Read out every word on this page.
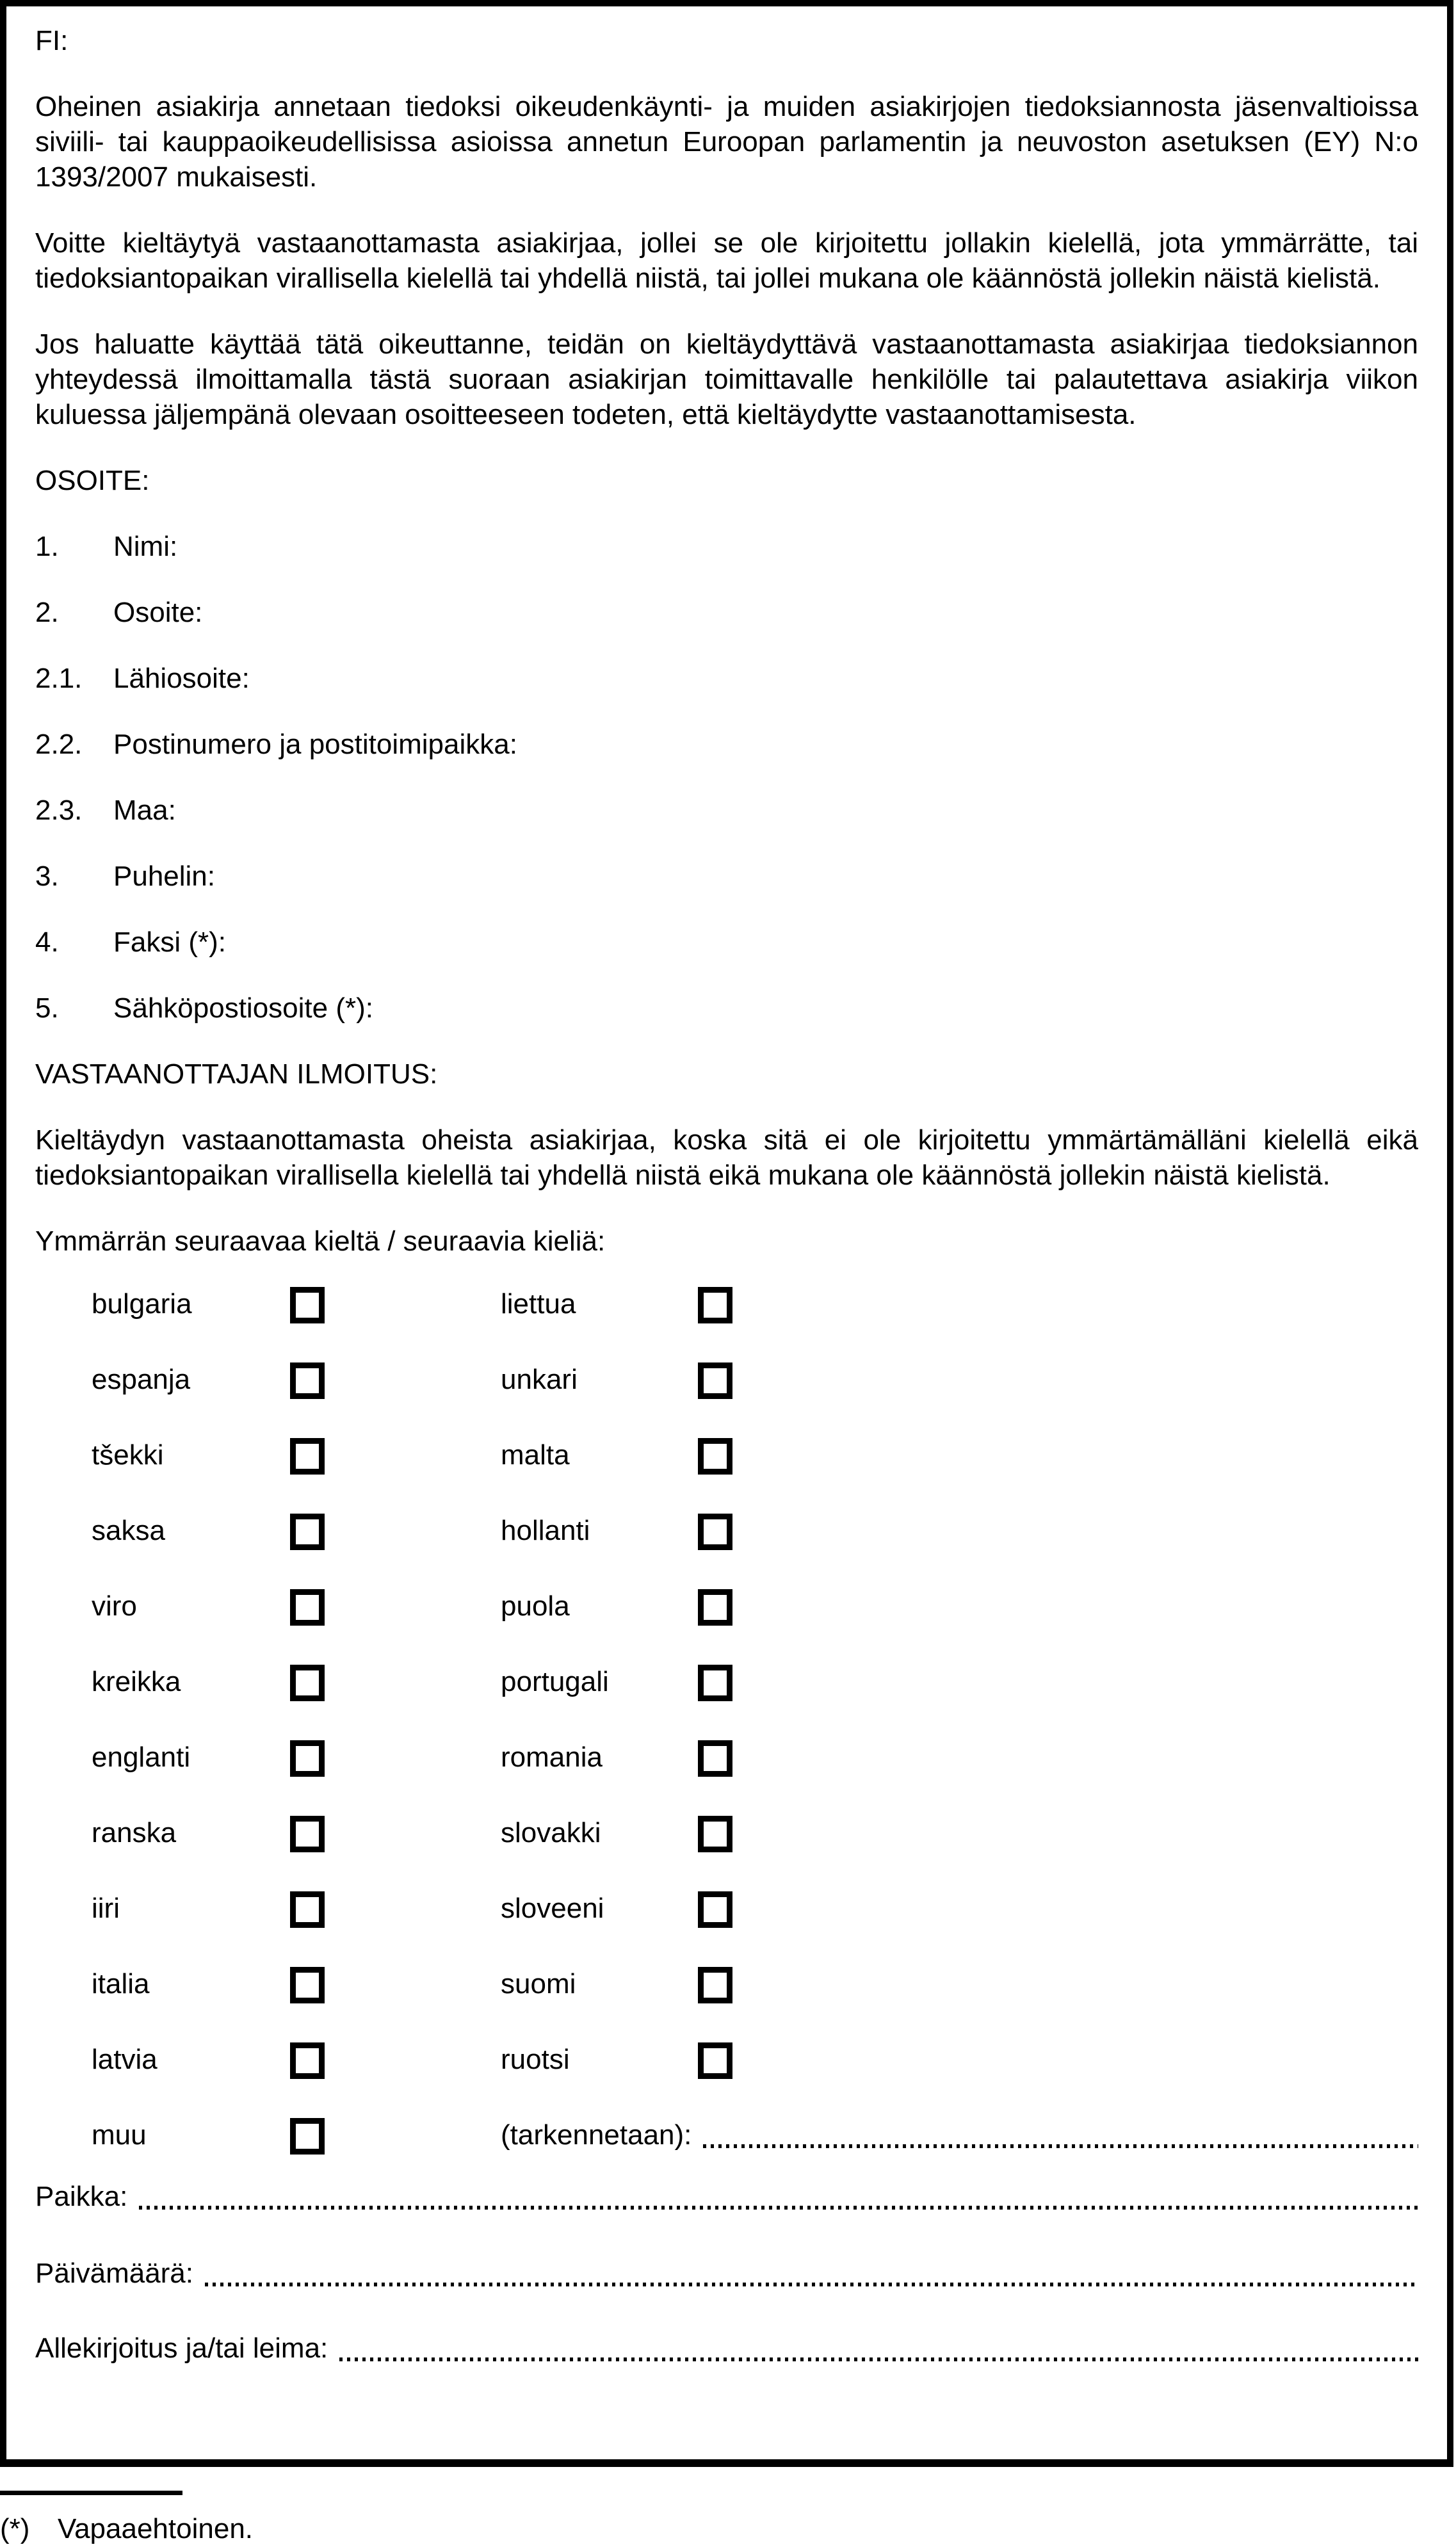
FI:
Oheinen asiakirja annetaan tiedoksi oikeudenkäynti- ja muiden asiakirjojen tiedoksiannosta jäsenvaltioissa siviili- tai kauppaoikeudellisissa asioissa annetun Euroopan parlamentin ja neuvoston asetuksen (EY) N:o 1393/2007 mukaisesti.
Voitte kieltäytyä vastaanottamasta asiakirjaa, jollei se ole kirjoitettu jollakin kielellä, jota ymmärrätte, tai tiedoksiantopaikan virallisella kielellä tai yhdellä niistä, tai jollei mukana ole käännöstä jollekin näistä kielistä.
Jos haluatte käyttää tätä oikeuttanne, teidän on kieltäydyttävä vastaanottamasta asiakirjaa tiedoksiannon yhteydessä ilmoittamalla tästä suoraan asiakirjan toimittavalle henkilölle tai palautettava asiakirja viikon kuluessa jäljempänä olevaan osoitteeseen todeten, että kieltäydytte vastaanottamisesta.
OSOITE:
1.	Nimi:
2.	Osoite:
2.1.	Lähiosoite:
2.2.	Postinumero ja postitoimipaikka:
2.3.	Maa:
3.	Puhelin:
4.	Faksi (*):
5.	Sähköpostiosoite (*):
VASTAANOTTAJAN ILMOITUS:
Kieltäydyn vastaanottamasta oheista asiakirjaa, koska sitä ei ole kirjoitettu ymmärtämälläni kielellä eikä tiedoksiantopaikan virallisella kielellä tai yhdellä niistä eikä mukana ole käännöstä jollekin näistä kielistä.
Ymmärrän seuraavaa kieltä / seuraavia kieliä:
bulgaria	liettua
espanja	unkari
tšekki	malta
saksa	hollanti
viro	puola
kreikka	portugali
englanti	romania
ranska	slovakki
iiri	sloveeni
italia	suomi
latvia	ruotsi
muu	(tarkennetaan):
Paikka:
Päivämäärä:
Allekirjoitus ja/tai leima:
(*) Vapaaehtoinen.
